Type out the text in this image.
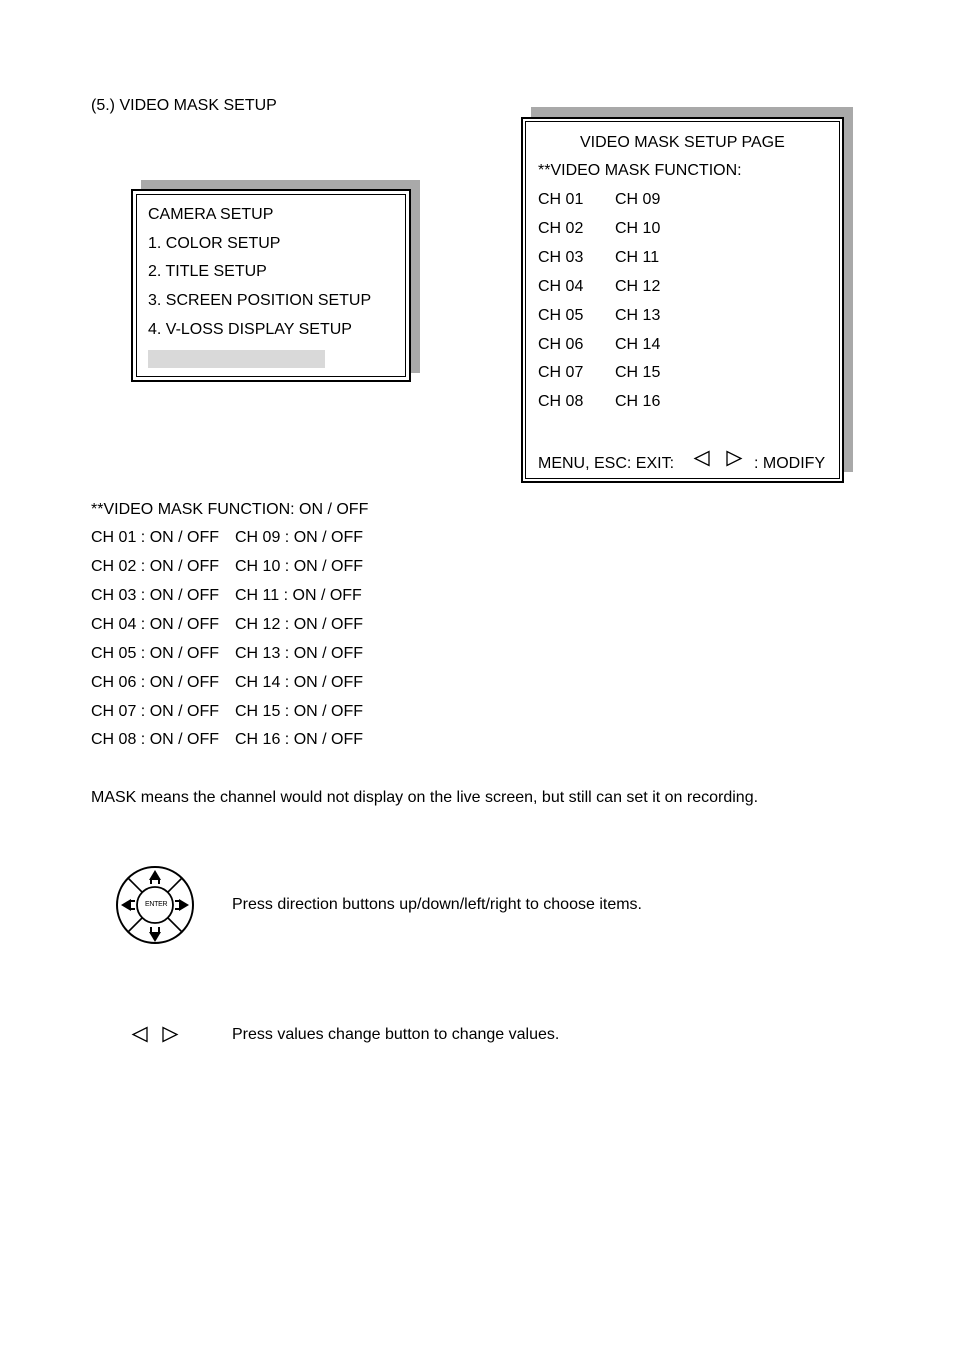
(5.) VIDEO MASK SETUP
CAMERA SETUP
1. COLOR SETUP
2. TITLE SETUP
3. SCREEN POSITION SETUP
4. V-LOSS DISPLAY SETUP
VIDEO MASK SETUP PAGE
**VIDEO MASK FUNCTION:
CH 01
CH 02
CH 03
CH 04
CH 05
CH 06
CH 07
CH 08
CH 09
CH 10
CH 11
CH 12
CH 13
CH 14
CH 15
CH 16
MENU, ESC: EXIT:	: MODIFY
**VIDEO MASK FUNCTION: ON / OFF
CH 01 : ON / OFF
CH 02 : ON / OFF
CH 03 : ON / OFF
CH 04 : ON / OFF
CH 05 : ON / OFF
CH 06 : ON / OFF
CH 07 : ON / OFF
CH 08 : ON / OFF
CH 09 : ON / OFF
CH 10 : ON / OFF
CH 11 : ON / OFF
CH 12 : ON / OFF
CH 13 : ON / OFF
CH 14 : ON / OFF
CH 15 : ON / OFF
CH 16 : ON / OFF
MASK means the channel would not display on the live screen, but still can set it on recording.
ENTER	Press direction buttons up/down/left/right to choose items.
Press values change button to change values.
